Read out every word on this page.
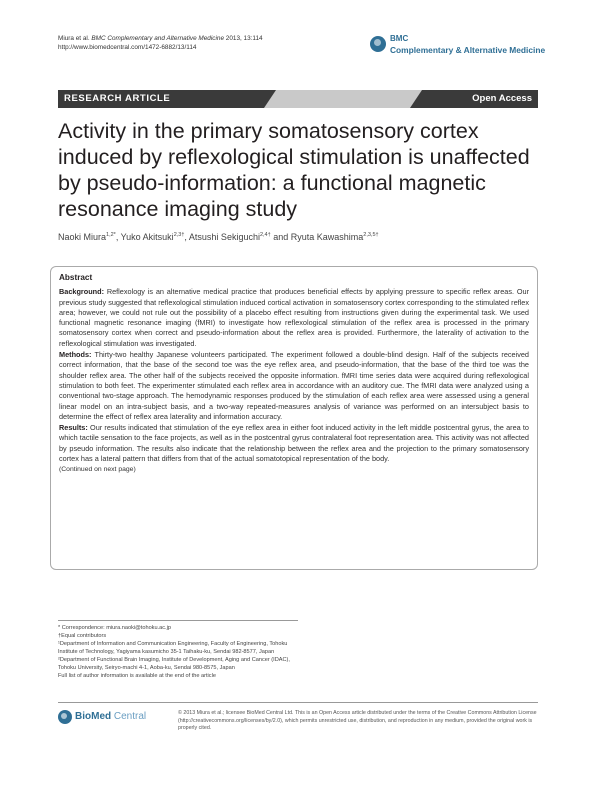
Miura et al. BMC Complementary and Alternative Medicine 2013, 13:114
http://www.biomedcentral.com/1472-6882/13/114
BMC
Complementary & Alternative Medicine
RESEARCH ARTICLE	Open Access
Activity in the primary somatosensory cortex induced by reflexological stimulation is unaffected by pseudo-information: a functional magnetic resonance imaging study
Naoki Miura$^{1,2*}$, Yuko Akitsuki$^{2,3\dagger}$, Atsushi Sekiguchi$^{2,4\dagger}$ and Ryuta Kawashima$^{2,3,5\dagger}$
Abstract

Background: Reflexology is an alternative medical practice that produces beneficial effects by applying pressure to specific reflex areas. Our previous study suggested that reflexological stimulation induced cortical activation in somatosensory cortex corresponding to the stimulated reflex area; however, we could not rule out the possibility of a placebo effect resulting from instructions given during the experimental task. We used functional magnetic resonance imaging (fMRI) to investigate how reflexological stimulation of the reflex area is processed in the primary somatosensory cortex when correct and pseudo-information about the reflex area is provided. Furthermore, the laterality of activation to the reflexological stimulation was investigated.

Methods: Thirty-two healthy Japanese volunteers participated. The experiment followed a double-blind design. Half of the subjects received correct information, that the base of the second toe was the eye reflex area, and pseudo-information, that the base of the third toe was the shoulder reflex area. The other half of the subjects received the opposite information. fMRI time series data were acquired during reflexological stimulation to both feet. The experimenter stimulated each reflex area in accordance with an auditory cue. The fMRI data were analyzed using a conventional two-stage approach. The hemodynamic responses produced by the stimulation of each reflex area were assessed using a general linear model on an intra-subject basis, and a two-way repeated-measures analysis of variance was performed on an intersubject basis to determine the effect of reflex area laterality and information accuracy.

Results: Our results indicated that stimulation of the eye reflex area in either foot induced activity in the left middle postcentral gyrus, the area to which tactile sensation to the face projects, as well as in the postcentral gyrus contralateral foot representation area. This activity was not affected by pseudo information. The results also indicate that the relationship between the reflex area and the projection to the primary somatosensory cortex has a lateral pattern that differs from that of the actual somatotopical representation of the body.

(Continued on next page)
* Correspondence: miura.naoki@tohoku.ac.jp
†Equal contributors
¹Department of Information and Communication Engineering, Faculty of Engineering, Tohoku Institute of Technology, Yagiyama kasumicho 35-1 Taihaku-ku, Sendai 982-8577, Japan
²Department of Functional Brain Imaging, Institute of Development, Aging and Cancer (IDAC), Tohoku University, Seiryo-machi 4-1, Aoba-ku, Sendai 980-8575, Japan
Full list of author information is available at the end of the article
BioMed Central	© 2013 Miura et al.; licensee BioMed Central Ltd. This is an Open Access article distributed under the terms of the Creative Commons Attribution License (http://creativecommons.org/licenses/by/2.0), which permits unrestricted use, distribution, and reproduction in any medium, provided the original work is properly cited.
